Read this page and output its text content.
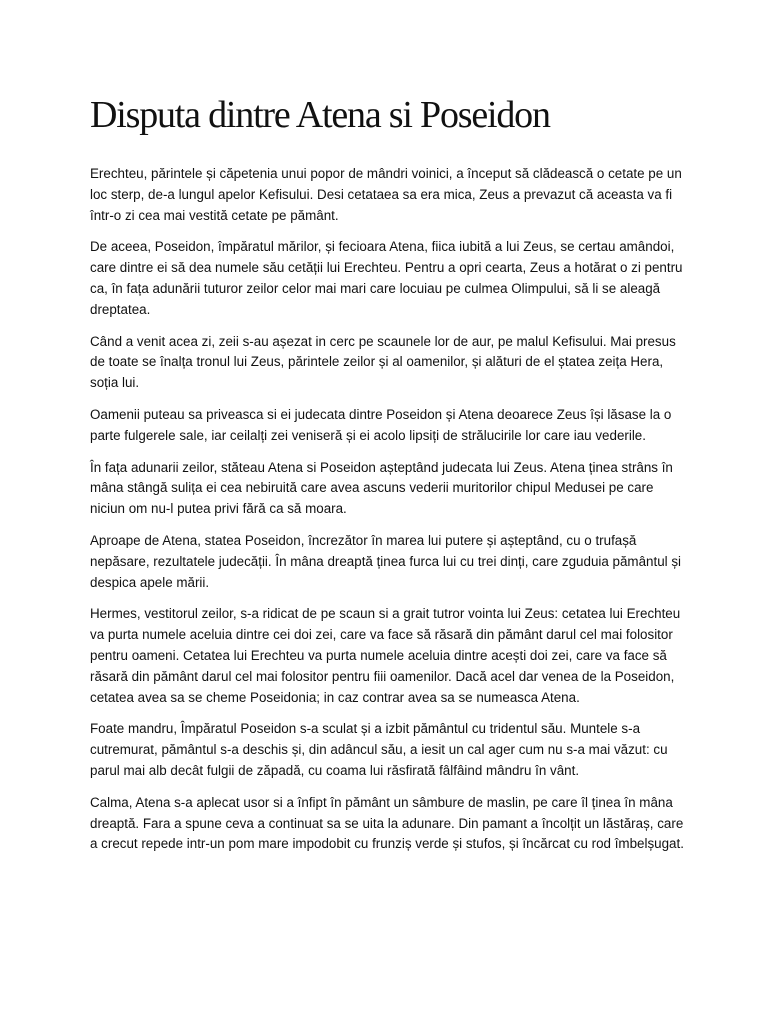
Disputa dintre Atena si Poseidon

Erechteu, părintele și căpetenia unui popor de mândri voinici, a început să clădească o cetate pe un loc sterp, de-a lungul apelor Kefisului. Desi cetataea sa era mica, Zeus a prevazut că aceasta va fi într-o zi cea mai vestită cetate pe pământ.

De aceea, Poseidon, împăratul mărilor, și fecioara Atena, fiica iubită a lui Zeus, se certau amândoi, care dintre ei să dea numele său cetății lui Erechteu. Pentru a opri cearta, Zeus a hotărat o zi pentru ca, în fața adunării tuturor zeilor celor mai mari care locuiau pe culmea Olimpului, să li se aleagă dreptatea.

Când a venit acea zi, zeii s-au așezat in cerc pe scaunele lor de aur, pe malul Kefisului. Mai presus de toate se înalța tronul lui Zeus, părintele zeilor și al oamenilor, și alături de el ștatea zeița Hera, soția lui.

Oamenii puteau sa priveasca si ei judecata dintre Poseidon și Atena deoarece Zeus își lăsase la o parte fulgerele sale, iar ceilalți zei veniseră și ei acolo lipsiți de strălucirile lor care iau vederile.

În fața adunarii zeilor, stăteau Atena si Poseidon așteptând judecata lui Zeus. Atena ținea strâns în mâna stângă sulița ei cea nebiruită care avea ascuns vederii muritorilor chipul Medusei pe care niciun om nu-l putea privi fără ca să moara.

Aproape de Atena, statea Poseidon, încrezător în marea lui putere și așteptând, cu o trufașă nepăsare, rezultatele judecății. În mâna dreaptă ținea furca lui cu trei dinți, care zguduia pământul și despica apele mării.

Hermes, vestitorul zeilor, s-a ridicat de pe scaun si a grait tutror vointa lui Zeus: cetatea lui Erechteu va purta numele aceluia dintre cei doi zei, care va face să răsară din pământ darul cel mai folositor pentru oameni. Cetatea lui Erechteu va purta numele aceluia dintre acești doi zei, care va face să răsară din pământ darul cel mai folositor pentru fiii oamenilor. Dacă acel dar venea de la Poseidon, cetatea avea sa se cheme Poseidonia; in caz contrar avea sa se numeasca Atena.

Foate mandru, Împăratul Poseidon s-a sculat și a izbit pământul cu tridentul său. Muntele s-a cutremurat, pământul s-a deschis și, din adâncul său, a iesit un cal ager cum nu s-a mai văzut: cu parul mai alb decât fulgii de zăpadă, cu coama lui răsfirată fâlfâind mândru în vânt.

Calma, Atena s-a aplecat usor si a înfipt în pământ un sâmbure de maslin, pe care îl ținea în mâna dreaptă. Fara a spune ceva a continuat sa se uita la adunare. Din pamant a încolțit un lăstăraș, care a crecut repede intr-un pom mare impodobit cu frunziș verde și stufos, și încărcat cu rod îmbelșugat.
